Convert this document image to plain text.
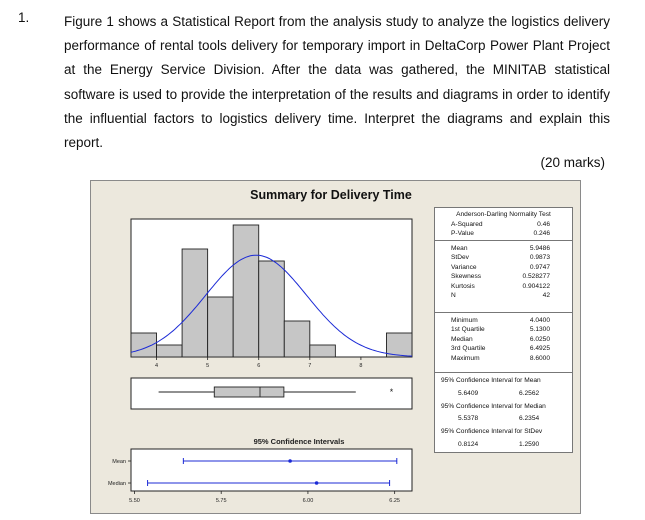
1.	Figure 1 shows a Statistical Report from the analysis study to analyze the logistics delivery performance of rental tools delivery for temporary import in DeltaCorp Power Plant Project at the Energy Service Division. After the data was gathered, the MINITAB statistical software is used to provide the interpretation of the results and diagrams in order to identify the influential factors to logistics delivery time. Interpret the diagrams and explain this report.

(20 marks)
Summary for Delivery Time
4	5	6	7	8
*
95% Confidence Intervals
Mean
Median
5.50	5.75	6.00	6.25
Anderson-Darling Normality Test
A-Squared	0.46
P-Value	0.246
Mean	5.9486
StDev	0.9873
Variance	0.9747
Skewness	0.528277
Kurtosis	0.904122
N	42
Minimum	4.0400
1st Quartile	5.1300
Median	6.0250
3rd Quartile	6.4925
Maximum	8.6000
95% Confidence Interval for Mean
5.6409	6.2562
95% Confidence Interval for Median
5.5378	6.2354
95% Confidence Interval for StDev
0.8124	1.2590
